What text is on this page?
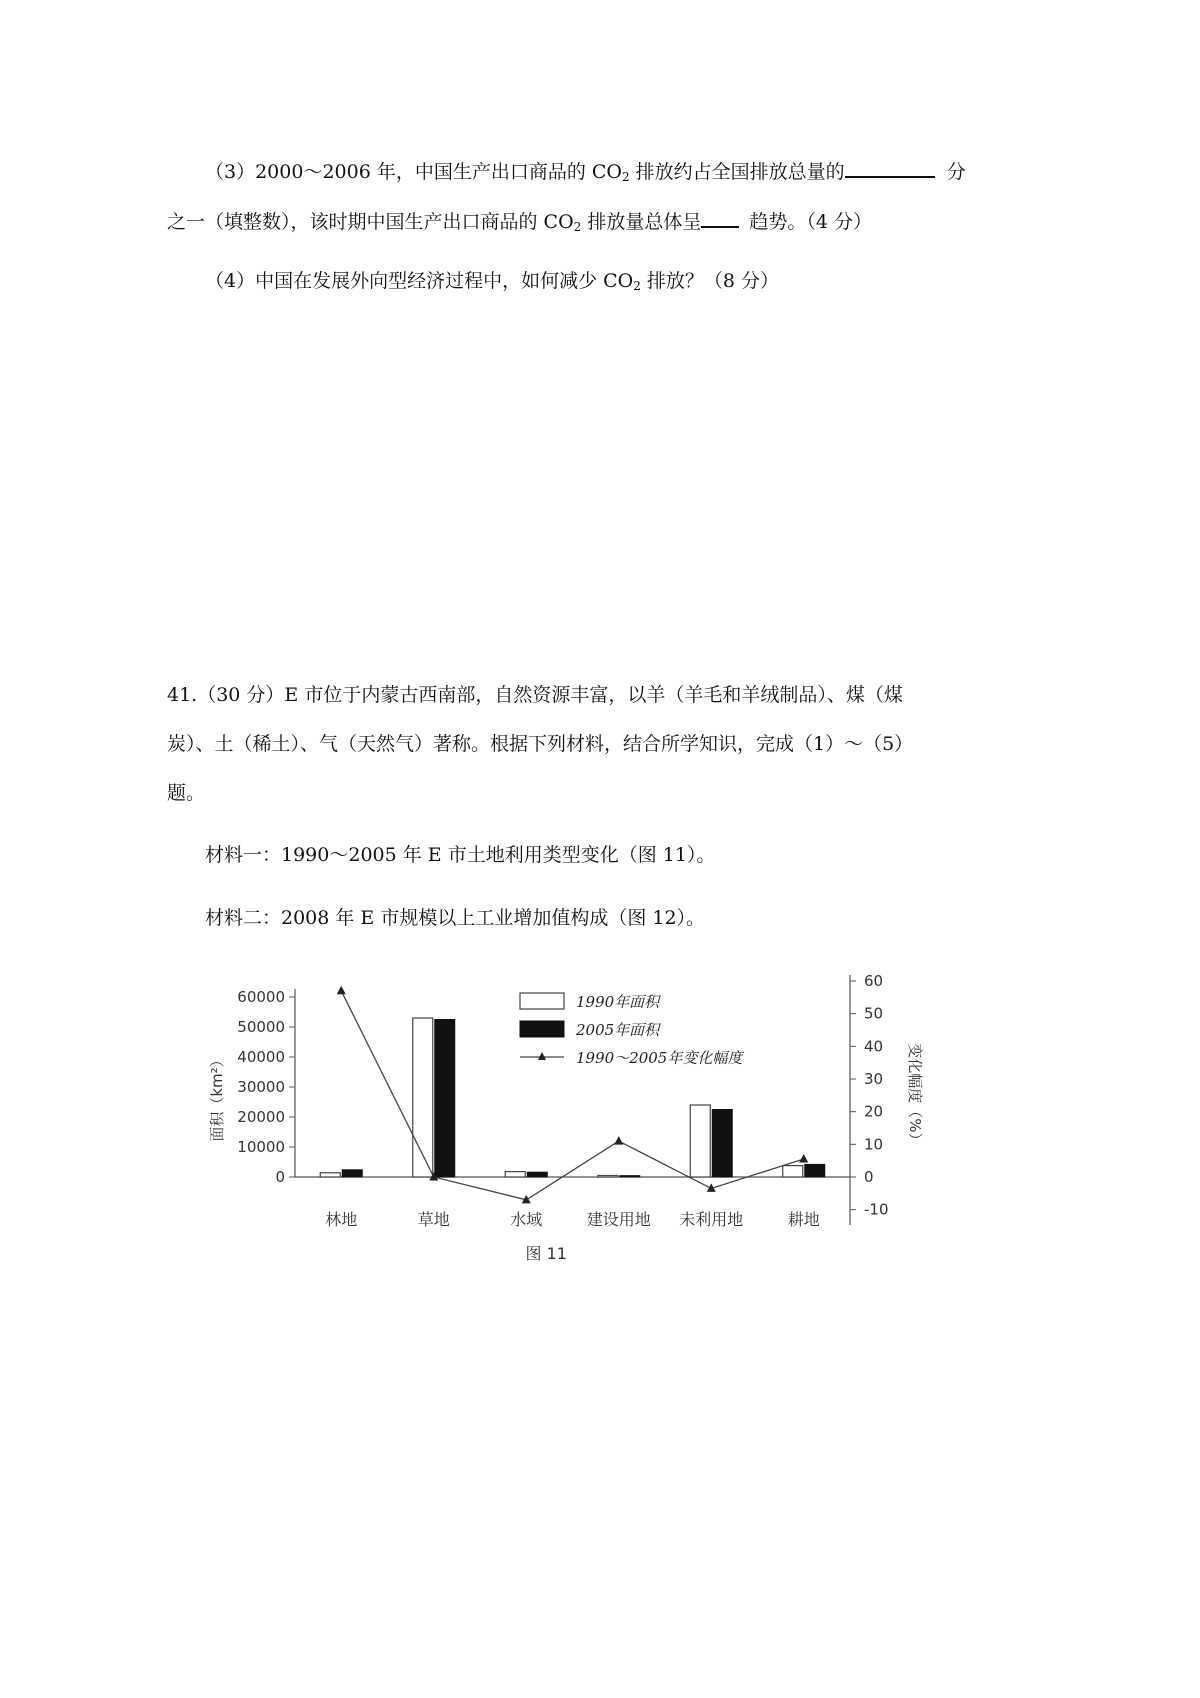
（3）2000～2006 年，中国生产出口商品的 $CO_2$ 排放约占全国排放总量的	分
之一（填整数），该时期中国生产出口商品的 $CO_2$ 排放量总体呈	趋势。（4 分）
（4）中国在发展外向型经济过程中，如何减少 $CO_2$ 排放？（8 分）
41.（30 分）E 市位于内蒙古西南部，自然资源丰富，以羊（羊毛和羊绒制品）、煤（煤
炭）、土（稀土）、气（天然气）著称。根据下列材料，结合所学知识，完成（1）～（5）
题。
材料一：1990～2005 年 E 市土地利用类型变化（图 11）。
材料二：2008 年 E 市规模以上工业增加值构成（图 12）。
1990年面积
2005年面积
1990～2005年变化幅度
0
10000
20000
30000
40000
50000
60000
面积（km²）
-10
0
10
20
30
40
50
60
变化幅度（%）
林地	草地	水域	建设用地 未利用地	耕地
图 11
